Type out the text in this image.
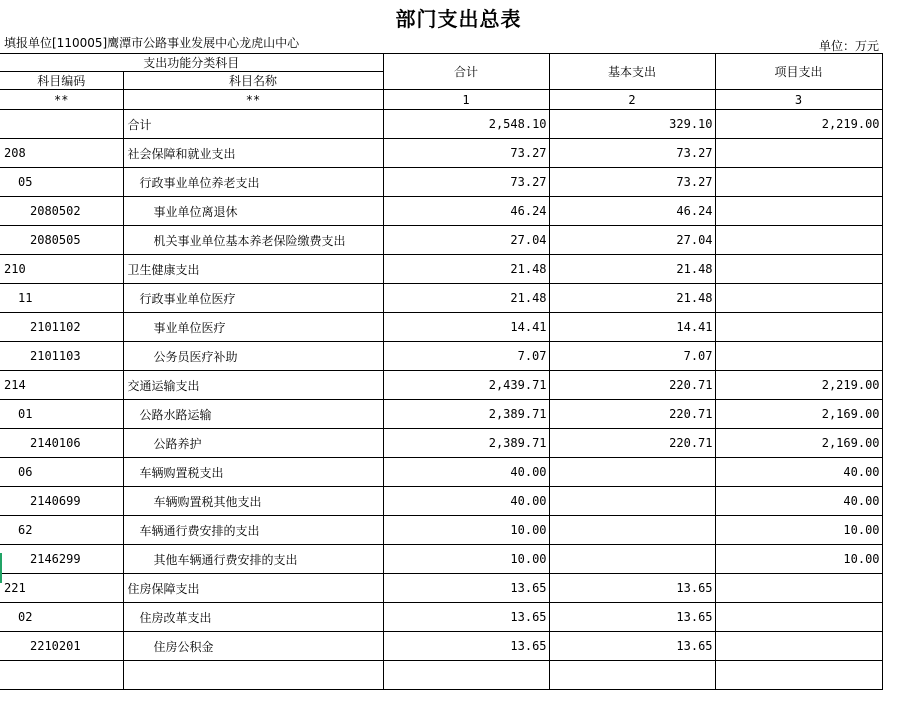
部门支出总表
填报单位[110005]鹰潭市公路事业发展中心龙虎山中心	单位：万元
支出功能分类科目		合计	基本支出	项目支出
科目编码	科目名称			
**	**	1	2	3
	合计	2,548.10	329.10	2,219.00
208	社会保障和就业支出	73.27	73.27	
05	行政事业单位养老支出	73.27	73.27	
2080502	事业单位离退休	46.24	46.24	
2080505	机关事业单位基本养老保险缴费支出	27.04	27.04	
210	卫生健康支出	21.48	21.48	
11	行政事业单位医疗	21.48	21.48	
2101102	事业单位医疗	14.41	14.41	
2101103	公务员医疗补助	7.07	7.07	
214	交通运输支出	2,439.71	220.71	2,219.00
01	公路水路运输	2,389.71	220.71	2,169.00
2140106	公路养护	2,389.71	220.71	2,169.00
06	车辆购置税支出	40.00		40.00
2140699	车辆购置税其他支出	40.00		40.00
62	车辆通行费安排的支出	10.00		10.00
2146299	其他车辆通行费安排的支出	10.00		10.00
221	住房保障支出	13.65	13.65	
02	住房改革支出	13.65	13.65	
2210201	住房公积金	13.65	13.65	
